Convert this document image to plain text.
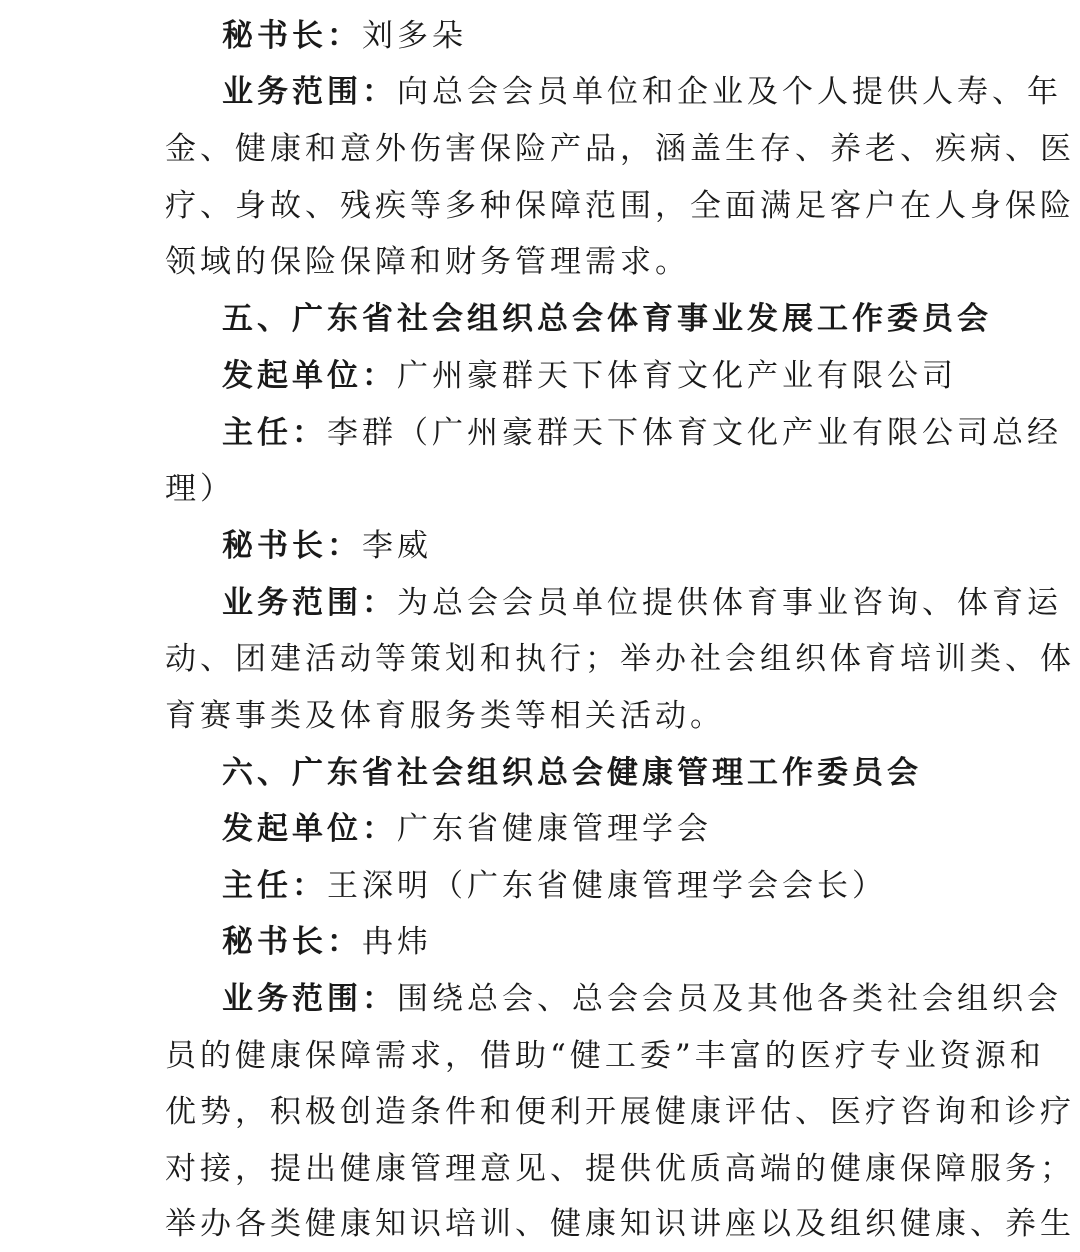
秘书长：刘多朵
业务范围：向总会会员单位和企业及个人提供人寿、年
金、健康和意外伤害保险产品，涵盖生存、养老、疾病、医
疗、身故、残疾等多种保障范围，全面满足客户在人身保险
领域的保险保障和财务管理需求。
五、广东省社会组织总会体育事业发展工作委员会
发起单位：广州豪群天下体育文化产业有限公司
主任：李群（广州豪群天下体育文化产业有限公司总经
理）
秘书长：李威
业务范围：为总会会员单位提供体育事业咨询、体育运
动、团建活动等策划和执行；举办社会组织体育培训类、体
育赛事类及体育服务类等相关活动。
六、广东省社会组织总会健康管理工作委员会
发起单位：广东省健康管理学会
主任：王深明（广东省健康管理学会会长）
秘书长：冉炜
业务范围：围绕总会、总会会员及其他各类社会组织会
员的健康保障需求，借助“健工委”丰富的医疗专业资源和
优势，积极创造条件和便利开展健康评估、医疗咨询和诊疗
对接，提出健康管理意见、提供优质高端的健康保障服务；
举办各类健康知识培训、健康知识讲座以及组织健康、养生
